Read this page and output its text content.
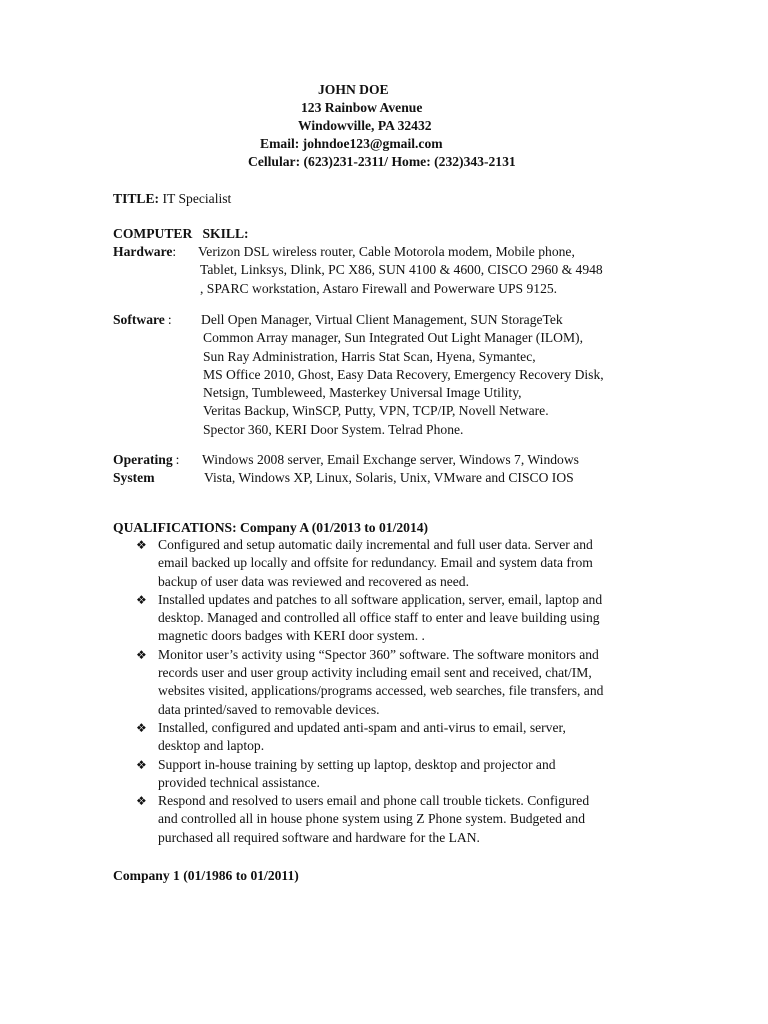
JOHN DOE
123 Rainbow Avenue
Windowville, PA 32432
Email: johndoe123@gmail.com
Cellular: (623)231-2311/ Home: (232)343-2131
TITLE: IT Specialist
COMPUTER   SKILL:
Hardware: Verizon DSL wireless router, Cable Motorola modem, Mobile phone,
Tablet, Linksys, Dlink, PC X86, SUN 4100 & 4600, CISCO 2960 & 4948
, SPARC workstation, Astaro Firewall and Powerware UPS 9125.
Software : Dell Open Manager, Virtual Client Management, SUN StorageTek
Common Array manager, Sun Integrated Out Light Manager (ILOM),
Sun Ray Administration, Harris Stat Scan, Hyena, Symantec,
MS Office 2010, Ghost, Easy Data Recovery, Emergency Recovery Disk,
Netsign, Tumbleweed, Masterkey Universal Image Utility,
Veritas Backup, WinSCP, Putty, VPN, TCP/IP, Novell Netware.
Spector 360, KERI Door System. Telrad Phone.
Operating :
System
Windows 2008 server, Email Exchange server, Windows 7, Windows
Vista, Windows XP, Linux, Solaris, Unix, VMware and CISCO IOS
QUALIFICATIONS: Company A (01/2013 to 01/2014)
❖ Configured and setup automatic daily incremental and full user data. Server and
email backed up locally and offsite for redundancy. Email and system data from
backup of user data was reviewed and recovered as need.
❖ Installed updates and patches to all software application, server, email, laptop and
desktop. Managed and controlled all office staff to enter and leave building using
magnetic doors badges with KERI door system. .
❖ Monitor user’s activity using “Spector 360” software. The software monitors and
records user and user group activity including email sent and received, chat/IM,
websites visited, applications/programs accessed, web searches, file transfers, and
data printed/saved to removable devices.
❖ Installed, configured and updated anti-spam and anti-virus to email, server,
desktop and laptop.
❖ Support in-house training by setting up laptop, desktop and projector and
provided technical assistance.
❖ Respond and resolved to users email and phone call trouble tickets. Configured
and controlled all in house phone system using Z Phone system. Budgeted and
purchased all required software and hardware for the LAN.
Company 1 (01/1986 to 01/2011)
